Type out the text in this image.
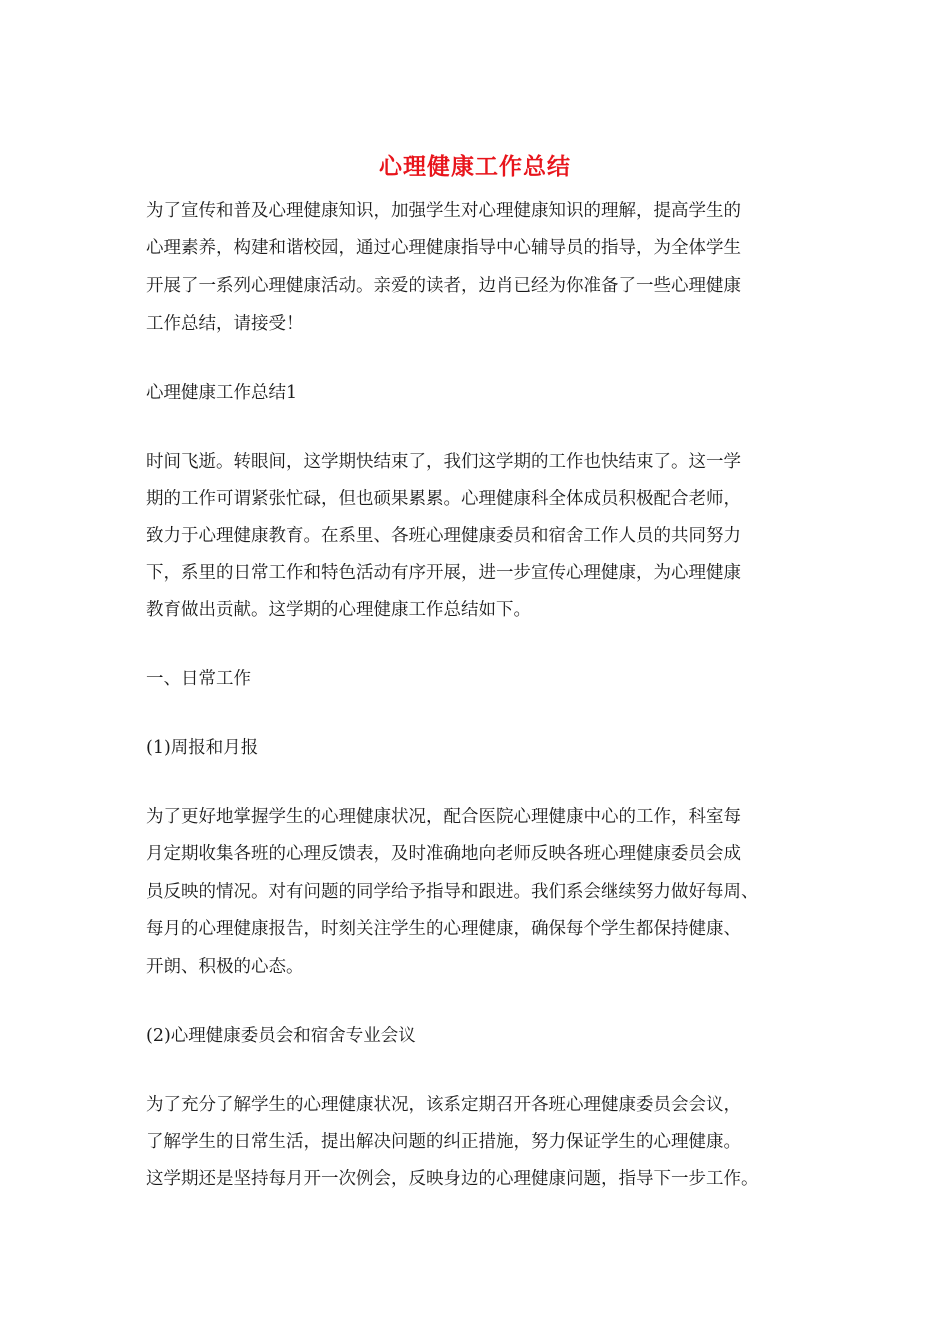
心理健康工作总结
为了宣传和普及心理健康知识，加强学生对心理健康知识的理解，提高学生的
心理素养，构建和谐校园，通过心理健康指导中心辅导员的指导，为全体学生
开展了一系列心理健康活动。亲爱的读者，边肖已经为你准备了一些心理健康
工作总结，请接受！
心理健康工作总结1
时间飞逝。转眼间，这学期快结束了，我们这学期的工作也快结束了。这一学
期的工作可谓紧张忙碌，但也硕果累累。心理健康科全体成员积极配合老师，
致力于心理健康教育。在系里、各班心理健康委员和宿舍工作人员的共同努力
下，系里的日常工作和特色活动有序开展，进一步宣传心理健康，为心理健康
教育做出贡献。这学期的心理健康工作总结如下。
一、日常工作
(1)周报和月报
为了更好地掌握学生的心理健康状况，配合医院心理健康中心的工作，科室每
月定期收集各班的心理反馈表，及时准确地向老师反映各班心理健康委员会成
员反映的情况。对有问题的同学给予指导和跟进。我们系会继续努力做好每周、
每月的心理健康报告，时刻关注学生的心理健康，确保每个学生都保持健康、
开朗、积极的心态。
(2)心理健康委员会和宿舍专业会议
为了充分了解学生的心理健康状况，该系定期召开各班心理健康委员会会议，
了解学生的日常生活，提出解决问题的纠正措施，努力保证学生的心理健康。
这学期还是坚持每月开一次例会，反映身边的心理健康问题，指导下一步工作。
